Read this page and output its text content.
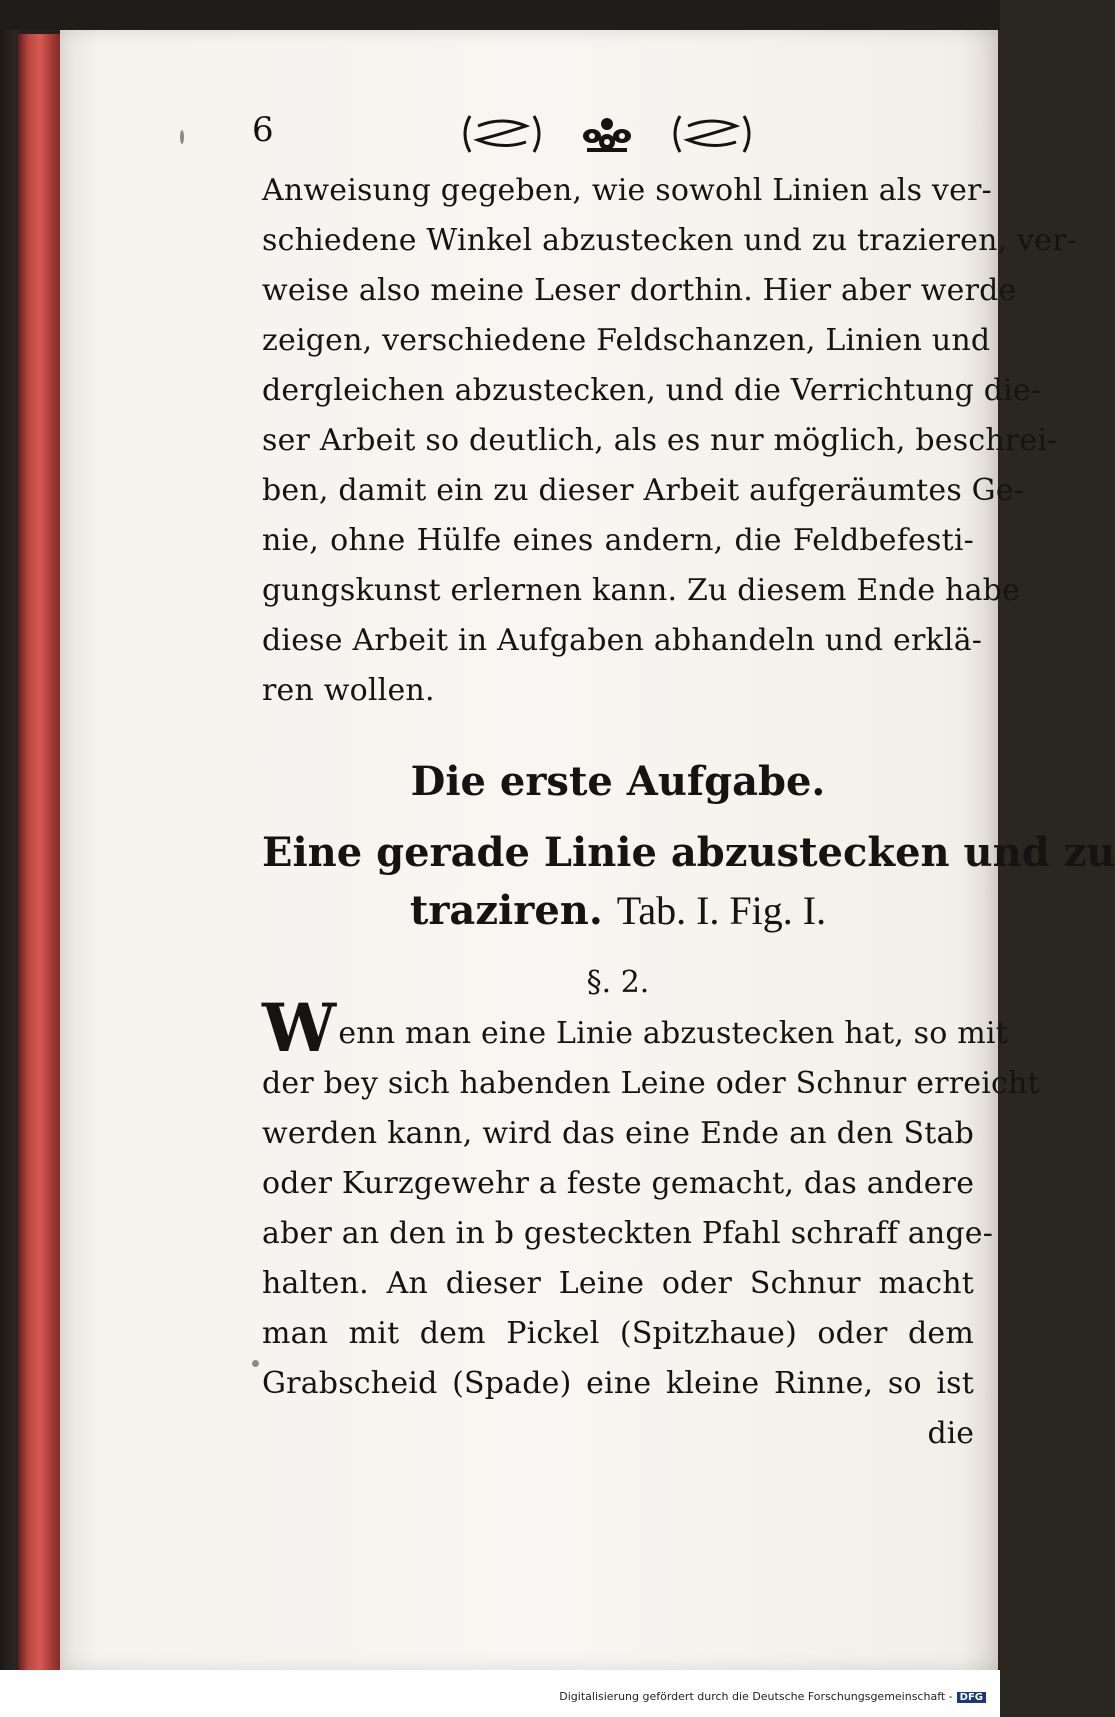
6
Anweisung gegeben, wie sowohl Linien als ver-
schiedene Winkel abzustecken und zu trazieren, ver-
weise also meine Leser dorthin. Hier aber werde
zeigen, verschiedene Feldschanzen, Linien und
dergleichen abzustecken, und die Verrichtung die-
ser Arbeit so deutlich, als es nur möglich, beschrei-
ben, damit ein zu dieser Arbeit aufgeräumtes Ge-
nie, ohne Hülfe eines andern, die Feldbefesti-
gungskunst erlernen kann. Zu diesem Ende habe
diese Arbeit in Aufgaben abhandeln und erklä-
ren wollen.
Die erste Aufgabe.
Eine gerade Linie abzustecken und zu
traziren. Tab. I. Fig. I.
§. 2.
Wenn man eine Linie abzustecken hat, so mit
der bey sich habenden Leine oder Schnur erreicht
werden kann, wird das eine Ende an den Stab
oder Kurzgewehr a feste gemacht, das andere
aber an den in b gesteckten Pfahl schraff ange-
halten. An dieser Leine oder Schnur macht
man mit dem Pickel (Spitzhaue) oder dem
Grabscheid (Spade) eine kleine Rinne, so ist
die
Digitalisierung gefördert durch die Deutsche Forschungsgemeinschaft - DFG
